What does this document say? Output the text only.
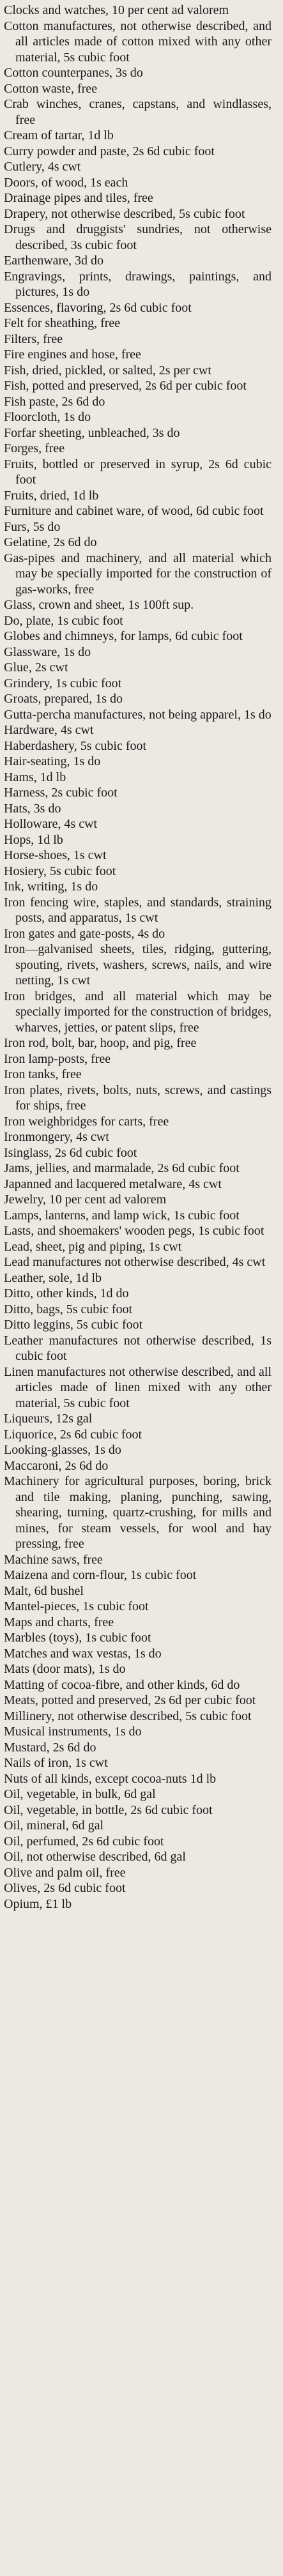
Clocks and watches, 10 per cent ad valorem

Cotton manufactures, not otherwise described, and all articles made of cotton mixed with any other material, 5s cubic foot

Cotton counterpanes, 3s do

Cotton waste, free

Crab winches, cranes, capstans, and windlasses, free

Cream of tartar, 1d lb

Curry powder and paste, 2s 6d cubic foot

Cutlery, 4s cwt

Doors, of wood, 1s each

Drainage pipes and tiles, free

Drapery, not otherwise described, 5s cubic foot

Drugs and druggists' sundries, not otherwise described, 3s cubic foot

Earthenware, 3d do

Engravings, prints, drawings, paintings, and pictures, 1s do

Essences, flavoring, 2s 6d cubic foot

Felt for sheathing, free

Filters, free

Fire engines and hose, free

Fish, dried, pickled, or salted, 2s per cwt

Fish, potted and preserved, 2s 6d per cubic foot

Fish paste, 2s 6d do

Floorcloth, 1s do

Forfar sheeting, unbleached, 3s do

Forges, free

Fruits, bottled or preserved in syrup, 2s 6d cubic foot

Fruits, dried, 1d lb

Furniture and cabinet ware, of wood, 6d cubic foot

Furs, 5s do

Gelatine, 2s 6d do

Gas-pipes and machinery, and all material which may be specially imported for the construction of gas-works, free

Glass, crown and sheet, 1s 100ft sup.

Do, plate, 1s cubic foot

Globes and chimneys, for lamps, 6d cubic foot

Glassware, 1s do

Glue, 2s cwt

Grindery, 1s cubic foot

Groats, prepared, 1s do

Gutta-percha manufactures, not being apparel, 1s do

Hardware, 4s cwt

Haberdashery, 5s cubic foot

Hair-seating, 1s do

Hams, 1d lb

Harness, 2s cubic foot

Hats, 3s do

Holloware, 4s cwt

Hops, 1d lb

Horse-shoes, 1s cwt

Hosiery, 5s cubic foot

Ink, writing, 1s do

Iron fencing wire, staples, and standards, straining posts, and apparatus, 1s cwt

Iron gates and gate-posts, 4s do

Iron—galvanised sheets, tiles, ridging, guttering, spouting, rivets, washers, screws, nails, and wire netting, 1s cwt

Iron bridges, and all material which may be specially imported for the construction of bridges, wharves, jetties, or patent slips, free

Iron rod, bolt, bar, hoop, and pig, free

Iron lamp-posts, free

Iron tanks, free

Iron plates, rivets, bolts, nuts, screws, and castings for ships, free

Iron weighbridges for carts, free

Ironmongery, 4s cwt

Isinglass, 2s 6d cubic foot

Jams, jellies, and marmalade, 2s 6d cubic foot

Japanned and lacquered metalware, 4s cwt

Jewelry, 10 per cent ad valorem

Lamps, lanterns, and lamp wick, 1s cubic foot

Lasts, and shoemakers' wooden pegs, 1s cubic foot

Lead, sheet, pig and piping, 1s cwt

Lead manufactures not otherwise described, 4s cwt

Leather, sole, 1d lb

Ditto, other kinds, 1d do

Ditto, bags, 5s cubic foot

Ditto leggins, 5s cubic foot

Leather manufactures not otherwise described, 1s cubic foot

Linen manufactures not otherwise described, and all articles made of linen mixed with any other material, 5s cubic foot

Liqueurs, 12s gal

Liquorice, 2s 6d cubic foot

Looking-glasses, 1s do

Maccaroni, 2s 6d do

Machinery for agricultural purposes, boring, brick and tile making, planing, punching, sawing, shearing, turning, quartz-crushing, for mills and mines, for steam vessels, for wool and hay pressing, free

Machine saws, free

Maizena and corn-flour, 1s cubic foot

Malt, 6d bushel

Mantel-pieces, 1s cubic foot

Maps and charts, free

Marbles (toys), 1s cubic foot

Matches and wax vestas, 1s do

Mats (door mats), 1s do

Matting of cocoa-fibre, and other kinds, 6d do

Meats, potted and preserved, 2s 6d per cubic foot

Millinery, not otherwise described, 5s cubic foot

Musical instruments, 1s do

Mustard, 2s 6d do

Nails of iron, 1s cwt

Nuts of all kinds, except cocoa-nuts 1d lb

Oil, vegetable, in bulk, 6d gal

Oil, vegetable, in bottle, 2s 6d cubic foot

Oil, mineral, 6d gal

Oil, perfumed, 2s 6d cubic foot

Oil, not otherwise described, 6d gal

Olive and palm oil, free

Olives, 2s 6d cubic foot

Opium, £1 lb
